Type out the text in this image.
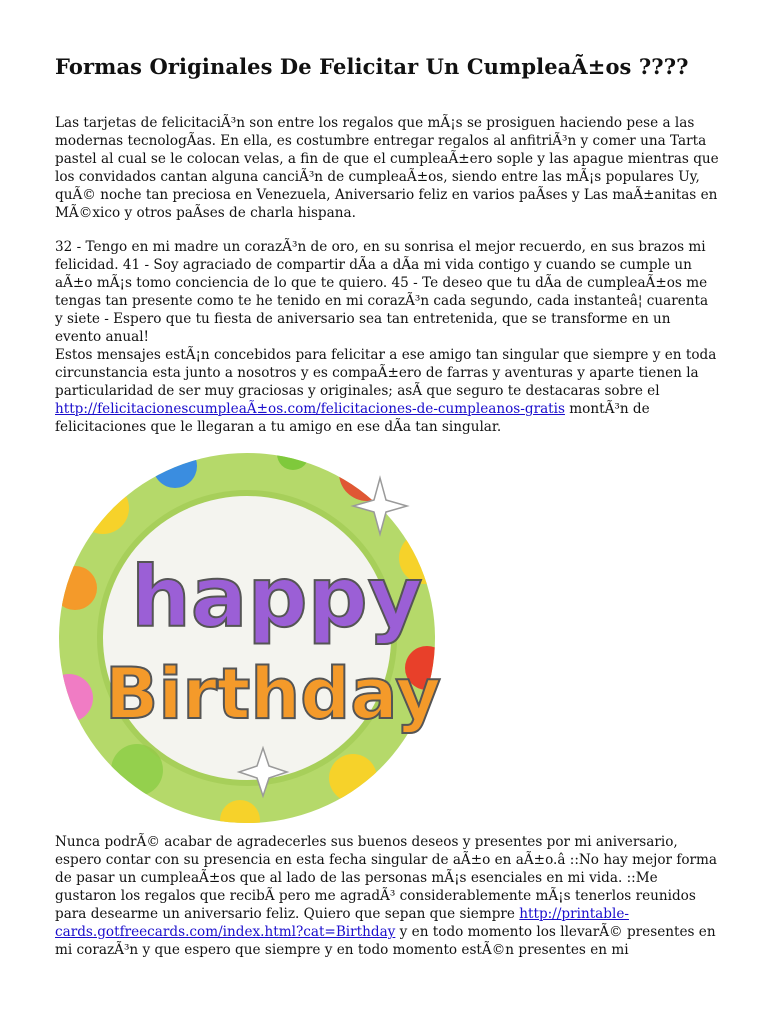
Formas Originales De Felicitar Un CumpleaÃ±os ????

Las tarjetas de felicitaciÃ³n son entre los regalos que mÃ¡s se prosiguen haciendo pese a las modernas tecnologÃas. En ella, es costumbre entregar regalos al anfitriÃ³n y comer una Tarta pastel al cual se le colocan velas, a fin de que el cumpleaÃ±ero sople y las apague mientras que los convidados cantan alguna canciÃ³n de cumpleaÃ±os, siendo entre las mÃ¡s populares Uy, quÃ© noche tan preciosa en Venezuela, Aniversario feliz en varios paÃses y Las maÃ±anitas en MÃ©xico y otros paÃses de charla hispana.

32 - Tengo en mi madre un corazÃ³n de oro, en su sonrisa el mejor recuerdo, en sus brazos mi felicidad. 41 - Soy agraciado de compartir dÃa a dÃa mi vida contigo y cuando se cumple un aÃ±o mÃ¡s tomo conciencia de lo que te quiero. 45 - Te deseo que tu dÃa de cumpleaÃ±os me tengas tan presente como te he tenido en mi corazÃ³n cada segundo, cada instanteâ¦ cuarenta y siete - Espero que tu fiesta de aniversario sea tan entretenida, que se transforme en un evento anual!

Estos mensajes estÃ¡n concebidos para felicitar a ese amigo tan singular que siempre y en toda circunstancia esta junto a nosotros y es compaÃ±ero de farras y aventuras y aparte tienen la particularidad de ser muy graciosas y originales; asÃ que seguro te destacaras sobre el http://felicitacionescumpleaÃ±os.com/felicitaciones-de-cumpleanos-gratis montÃ³n de felicitaciones que le llegaran a tu amigo en ese dÃa tan singular.

happy
Birthday

Nunca podrÃ© acabar de agradecerles sus buenos deseos y presentes por mi aniversario, espero contar con su presencia en esta fecha singular de aÃ±o en aÃ±o.â ::No hay mejor forma de pasar un cumpleaÃ±os que al lado de las personas mÃ¡s esenciales en mi vida. ::Me gustaron los regalos que recibÃ pero me agradÃ³ considerablemente mÃ¡s tenerlos reunidos para desearme un aniversario feliz. Quiero que sepan que siempre http://printable-cards.gotfreecards.com/index.html?cat=Birthday y en todo momento los llevarÃ© presentes en mi corazÃ³n y que espero que siempre y en todo momento estÃ©n presentes en mi
